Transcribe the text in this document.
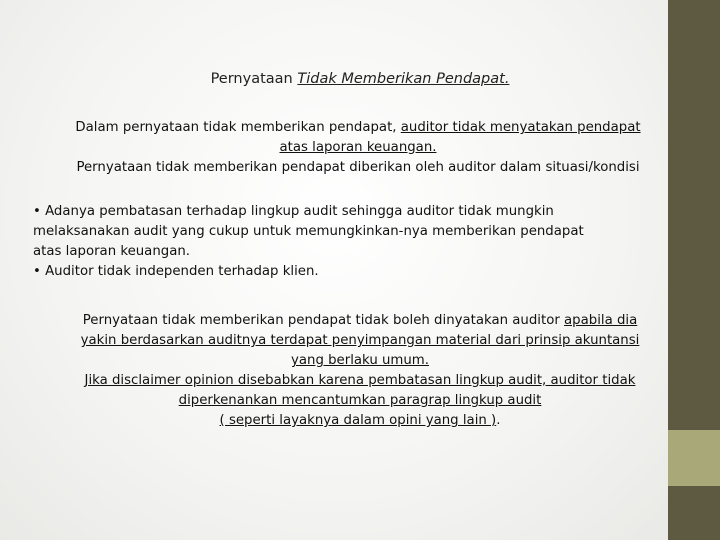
Pernyataan Tidak Memberikan Pendapat.
Dalam pernyataan tidak memberikan pendapat, auditor tidak menyatakan pendapat
atas laporan keuangan.
Pernyataan tidak memberikan pendapat diberikan oleh auditor dalam situasi/kondisi
• Adanya pembatasan terhadap lingkup audit sehingga auditor tidak mungkin
melaksanakan audit yang cukup untuk memungkinkan-nya memberikan pendapat
atas laporan keuangan.
• Auditor tidak independen terhadap klien.
Pernyataan tidak memberikan pendapat tidak boleh dinyatakan auditor apabila dia
yakin berdasarkan auditnya terdapat penyimpangan material dari prinsip akuntansi
yang berlaku umum.
Jika disclaimer opinion disebabkan karena pembatasan lingkup audit, auditor tidak
diperkenankan mencantumkan paragrap lingkup audit
( seperti layaknya dalam opini yang lain ).
